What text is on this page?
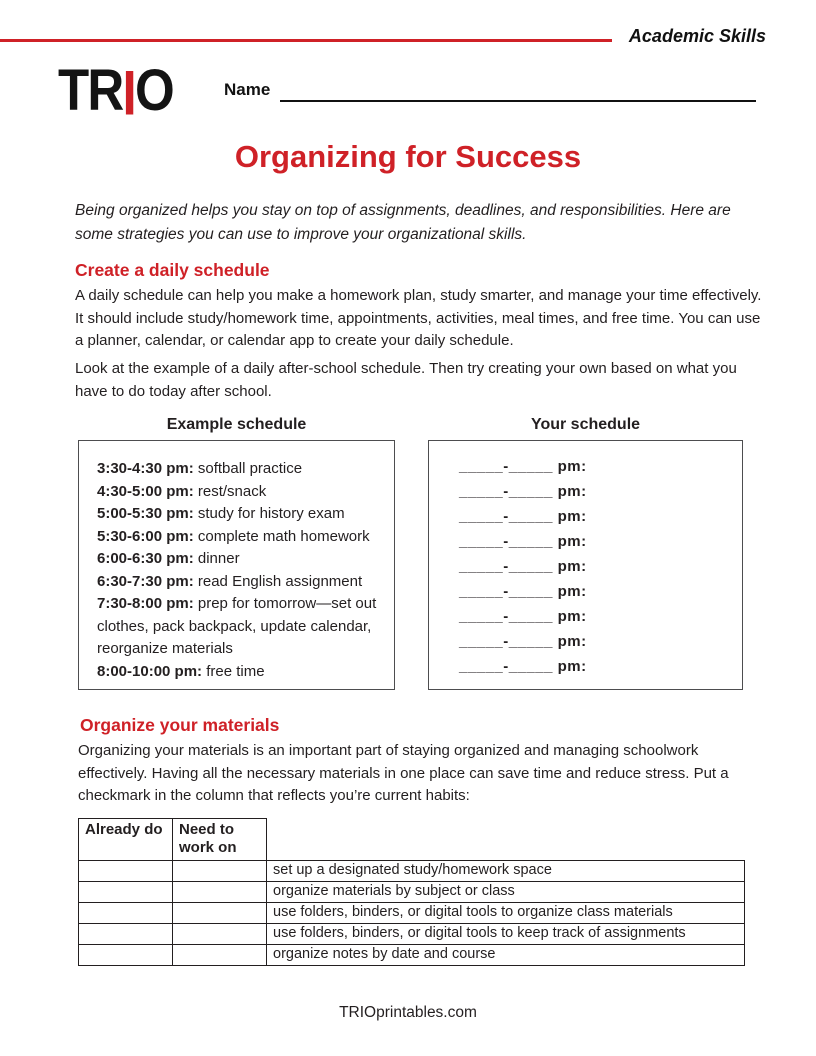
Academic Skills
TRIO	Name
Organizing for Success
Being organized helps you stay on top of assignments, deadlines, and responsibilities. Here are some strategies you can use to improve your organizational skills.
Create a daily schedule
A daily schedule can help you make a homework plan, study smarter, and manage your time effectively. It should include study/homework time, appointments, activities, meal times, and free time. You can use a planner, calendar, or calendar app to create your daily schedule.
Look at the example of a daily after-school schedule. Then try creating your own based on what you have to do today after school.
Example schedule	Your schedule
3:30-4:30 pm: softball practice
4:30-5:00 pm: rest/snack
5:00-5:30 pm: study for history exam
5:30-6:00 pm: complete math homework
6:00-6:30 pm: dinner
6:30-7:30 pm: read English assignment
7:30-8:00 pm: prep for tomorrow—set out clothes, pack backpack, update calendar, reorganize materials
8:00-10:00 pm: free time
_____-_____ pm:
_____-_____ pm:
_____-_____ pm:
_____-_____ pm:
_____-_____ pm:
_____-_____ pm:
_____-_____ pm:
_____-_____ pm:
_____-_____ pm:
Organize your materials
Organizing your materials is an important part of staying organized and managing schoolwork effectively. Having all the necessary materials in one place can save time and reduce stress. Put a checkmark in the column that reflects you’re current habits:
Already do	Need to work on	
		set up a designated study/homework space
		organize materials by subject or class
		use folders, binders, or digital tools to organize class materials
		use folders, binders, or digital tools to keep track of assignments
		organize notes by date and course
TRIOprintables.com
